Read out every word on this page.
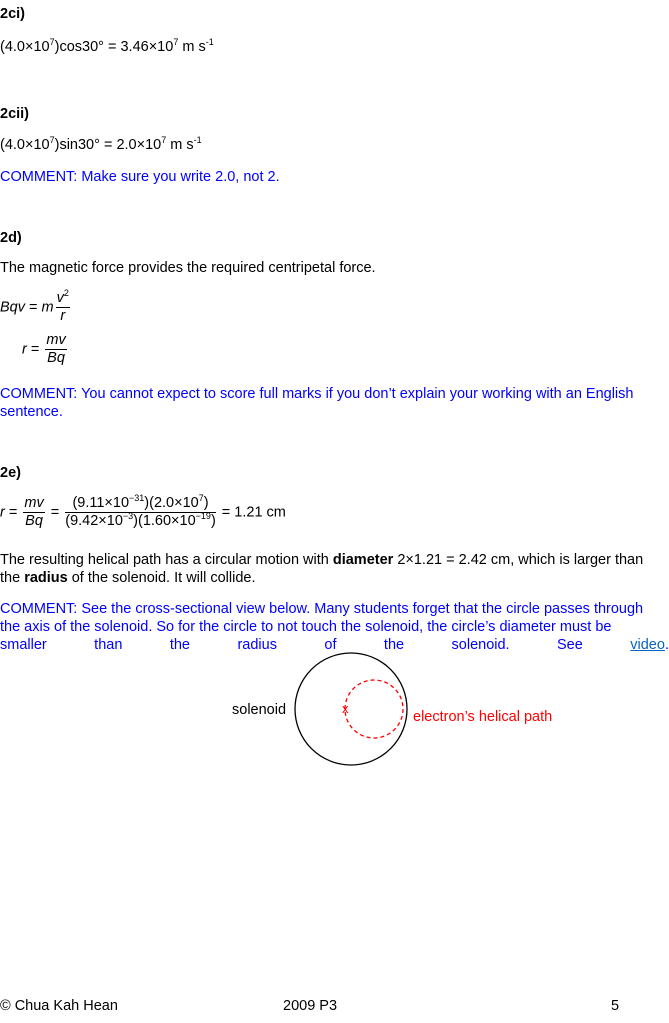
2ci)
$(4.0\times 10^7)\cos 30^\circ = 3.46\times 10^7$ m $s^{-1}$
2cii)
$(4.0\times 10^7)\sin 30^\circ = 2.0\times 10^7$ m $s^{-1}$
COMMENT: Make sure you write 2.0, not 2.
2d)
The magnetic force provides the required centripetal force.
Bqv = m $\frac{v^2}{r}$
$r = \frac{mv}{Bq}$
COMMENT: You cannot expect to score full marks if you don’t explain your working with an English
sentence.
2e)
$r = \frac{mv}{Bq} = \frac{(9.11\times 10^{-31})(2.0\times 10^7)}{(9.42\times 10^{-3})(1.60\times 10^{-19})} = 1.21$ cm
The resulting helical path has a circular motion with diameter 2×1.21 = 2.42 cm, which is larger than
the radius of the solenoid. It will collide.
COMMENT: See the cross-sectional view below. Many students forget that the circle passes through
the axis of the solenoid. So for the circle to not touch the solenoid, the circle’s diameter must be
smaller	than	the	radius	of	the	solenoid.	See	video.
x
solenoid	electron’s helical path
© Chua Kah Hean	2009 P3	5
